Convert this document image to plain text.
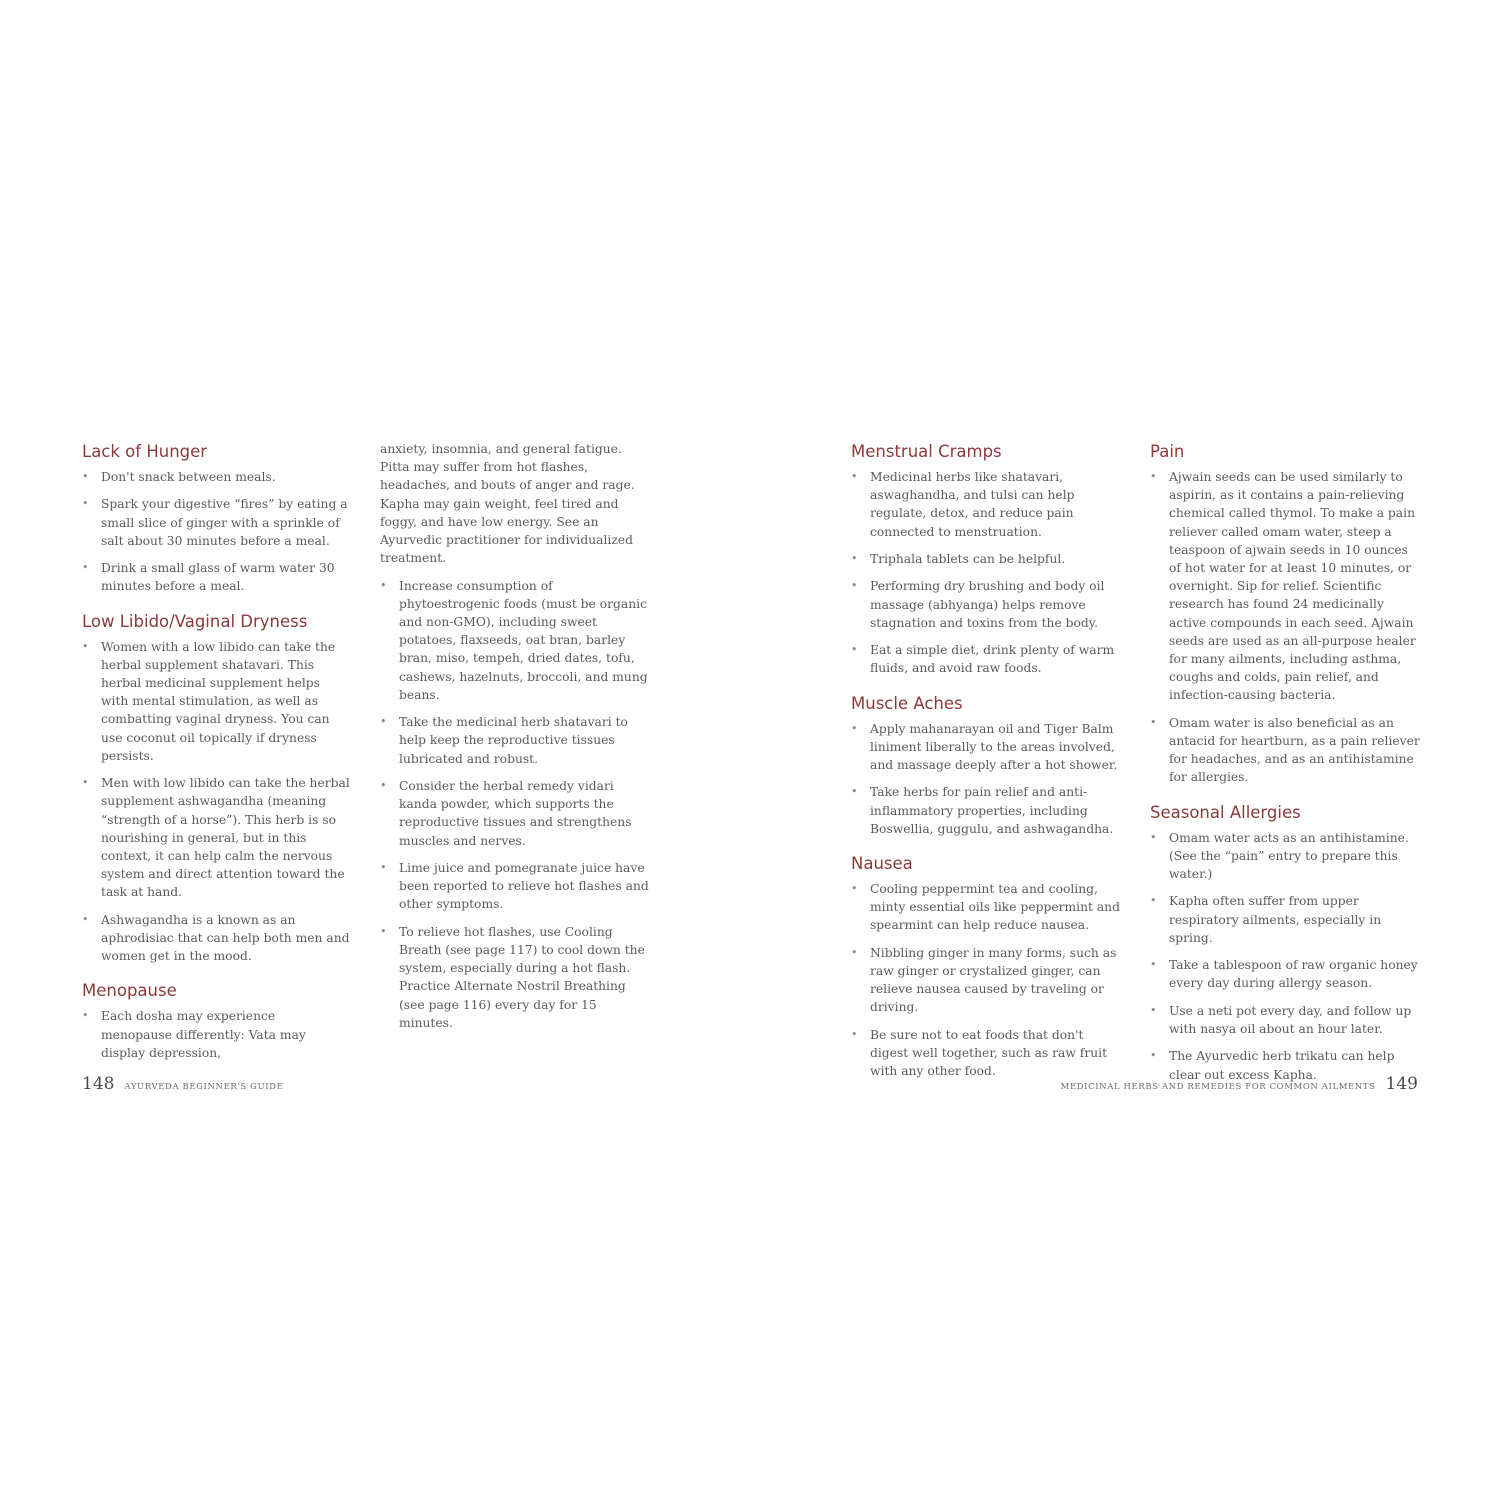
Lack of Hunger
• Don't snack between meals.
• Spark your digestive “fires” by eating a small slice of ginger with a sprinkle of salt about 30 minutes before a meal.
• Drink a small glass of warm water 30 minutes before a meal.
Low Libido/Vaginal Dryness
• Women with a low libido can take the herbal supplement shatavari. This herbal medicinal supplement helps with mental stimulation, as well as combatting vaginal dryness. You can use coconut oil topically if dryness persists.
• Men with low libido can take the herbal supplement ashwagandha (meaning “strength of a horse”). This herb is so nourishing in general, but in this context, it can help calm the nervous system and direct attention toward the task at hand.
• Ashwagandha is a known as an aphrodisiac that can help both men and women get in the mood.
Menopause
• Each dosha may experience menopause differently: Vata may display depression,
anxiety, insomnia, and general fatigue. Pitta may suffer from hot flashes, headaches, and bouts of anger and rage. Kapha may gain weight, feel tired and foggy, and have low energy. See an Ayurvedic practitioner for individualized treatment.
• Increase consumption of phytoestrogenic foods (must be organic and non-GMO), including sweet potatoes, flaxseeds, oat bran, barley bran, miso, tempeh, dried dates, tofu, cashews, hazelnuts, broccoli, and mung beans.
• Take the medicinal herb shatavari to help keep the reproductive tissues lubricated and robust.
• Consider the herbal remedy vidari kanda powder, which supports the reproductive tissues and strengthens muscles and nerves.
• Lime juice and pomegranate juice have been reported to relieve hot flashes and other symptoms.
• To relieve hot flashes, use Cooling Breath (see page 117) to cool down the system, especially during a hot flash. Practice Alternate Nostril Breathing (see page 116) every day for 15 minutes.
Menstrual Cramps
• Medicinal herbs like shatavari, aswaghandha, and tulsi can help regulate, detox, and reduce pain connected to menstruation.
• Triphala tablets can be helpful.
• Performing dry brushing and body oil massage (abhyanga) helps remove stagnation and toxins from the body.
• Eat a simple diet, drink plenty of warm fluids, and avoid raw foods.
Muscle Aches
• Apply mahanarayan oil and Tiger Balm liniment liberally to the areas involved, and massage deeply after a hot shower.
• Take herbs for pain relief and anti-inflammatory properties, including Boswellia, guggulu, and ashwagandha.
Nausea
• Cooling peppermint tea and cooling, minty essential oils like peppermint and spearmint can help reduce nausea.
• Nibbling ginger in many forms, such as raw ginger or crystalized ginger, can relieve nausea caused by traveling or driving.
• Be sure not to eat foods that don't digest well together, such as raw fruit with any other food.
Pain
• Ajwain seeds can be used similarly to aspirin, as it contains a pain-relieving chemical called thymol. To make a pain reliever called omam water, steep a teaspoon of ajwain seeds in 10 ounces of hot water for at least 10 minutes, or overnight. Sip for relief. Scientific research has found 24 medicinally active compounds in each seed. Ajwain seeds are used as an all-purpose healer for many ailments, including asthma, coughs and colds, pain relief, and infection-causing bacteria.
• Omam water is also beneficial as an antacid for heartburn, as a pain reliever for headaches, and as an antihistamine for allergies.
Seasonal Allergies
• Omam water acts as an antihistamine. (See the “pain” entry to prepare this water.)
• Kapha often suffer from upper respiratory ailments, especially in spring.
• Take a tablespoon of raw organic honey every day during allergy season.
• Use a neti pot every day, and follow up with nasya oil about an hour later.
• The Ayurvedic herb trikatu can help clear out excess Kapha.
148 AYURVEDA BEGINNER'S GUIDE	MEDICINAL HERBS AND REMEDIES FOR COMMON AILMENTS 149
